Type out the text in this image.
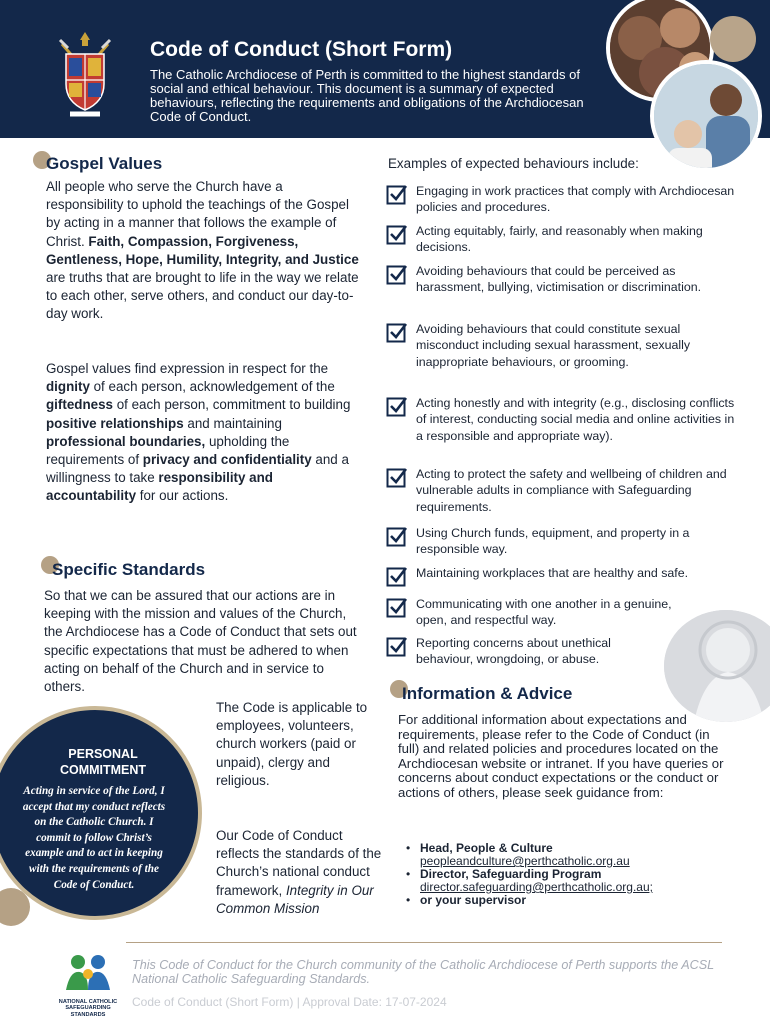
Code of Conduct (Short Form)
The Catholic Archdiocese of Perth is committed to the highest standards of social and ethical behaviour. This document is a summary of expected behaviours, reflecting the requirements and obligations of the Archdiocesan Code of Conduct.
Gospel Values
All people who serve the Church have a responsibility to uphold the teachings of the Gospel by acting in a manner that follows the example of Christ. Faith, Compassion, Forgiveness, Gentleness, Hope, Humility, Integrity, and Justice are truths that are brought to life in the way we relate to each other, serve others, and conduct our day-to-day work.
Gospel values find expression in respect for the dignity of each person, acknowledgement of the giftedness of each person, commitment to building positive relationships and maintaining professional boundaries, upholding the requirements of privacy and confidentiality and a willingness to take responsibility and accountability for our actions.
Specific Standards
So that we can be assured that our actions are in keeping with the mission and values of the Church, the Archdiocese has a Code of Conduct that sets out specific expectations that must be adhered to when acting on behalf of the Church and in service to others.
The Code is applicable to employees, volunteers, church workers (paid or unpaid), clergy and religious.
Our Code of Conduct reflects the standards of the Church’s national conduct framework, Integrity in Our Common Mission
PERSONAL COMMITMENT
Acting in service of the Lord, I accept that my conduct reflects on the Catholic Church. I commit to follow Christ’s example and to act in keeping with the requirements of the Code of Conduct.
Examples of expected behaviours include:
Engaging in work practices that comply with Archdiocesan policies and procedures.
Acting equitably, fairly, and reasonably when making decisions.
Avoiding behaviours that could be perceived as harassment, bullying, victimisation or discrimination.
Avoiding behaviours that could constitute sexual misconduct including sexual harassment, sexually inappropriate behaviours, or grooming.
Acting honestly and with integrity (e.g., disclosing conflicts of interest, conducting social media and online activities in a responsible and appropriate way).
Acting to protect the safety and wellbeing of children and vulnerable adults in compliance with Safeguarding requirements.
Using Church funds, equipment, and property in a responsible way.
Maintaining workplaces that are healthy and safe.
Communicating with one another in a genuine, open, and respectful way.
Reporting concerns about unethical behaviour, wrongdoing, or abuse.
Information & Advice
For additional information about expectations and requirements, please refer to the Code of Conduct (in full) and related policies and procedures located on the Archdiocesan website or intranet. If you have queries or concerns about conduct expectations or the conduct or actions of others, please seek guidance from:
• Head, People & Culture
peopleandculture@perthcatholic.org.au
• Director, Safeguarding Program
director.safeguarding@perthcatholic.org.au;
• or your supervisor
NATIONAL CATHOLIC SAFEGUARDING STANDARDS
This Code of Conduct for the Church community of the Catholic Archdiocese of Perth supports the ACSL National Catholic Safeguarding Standards.
Code of Conduct (Short Form) | Approval Date: 17-07-2024
